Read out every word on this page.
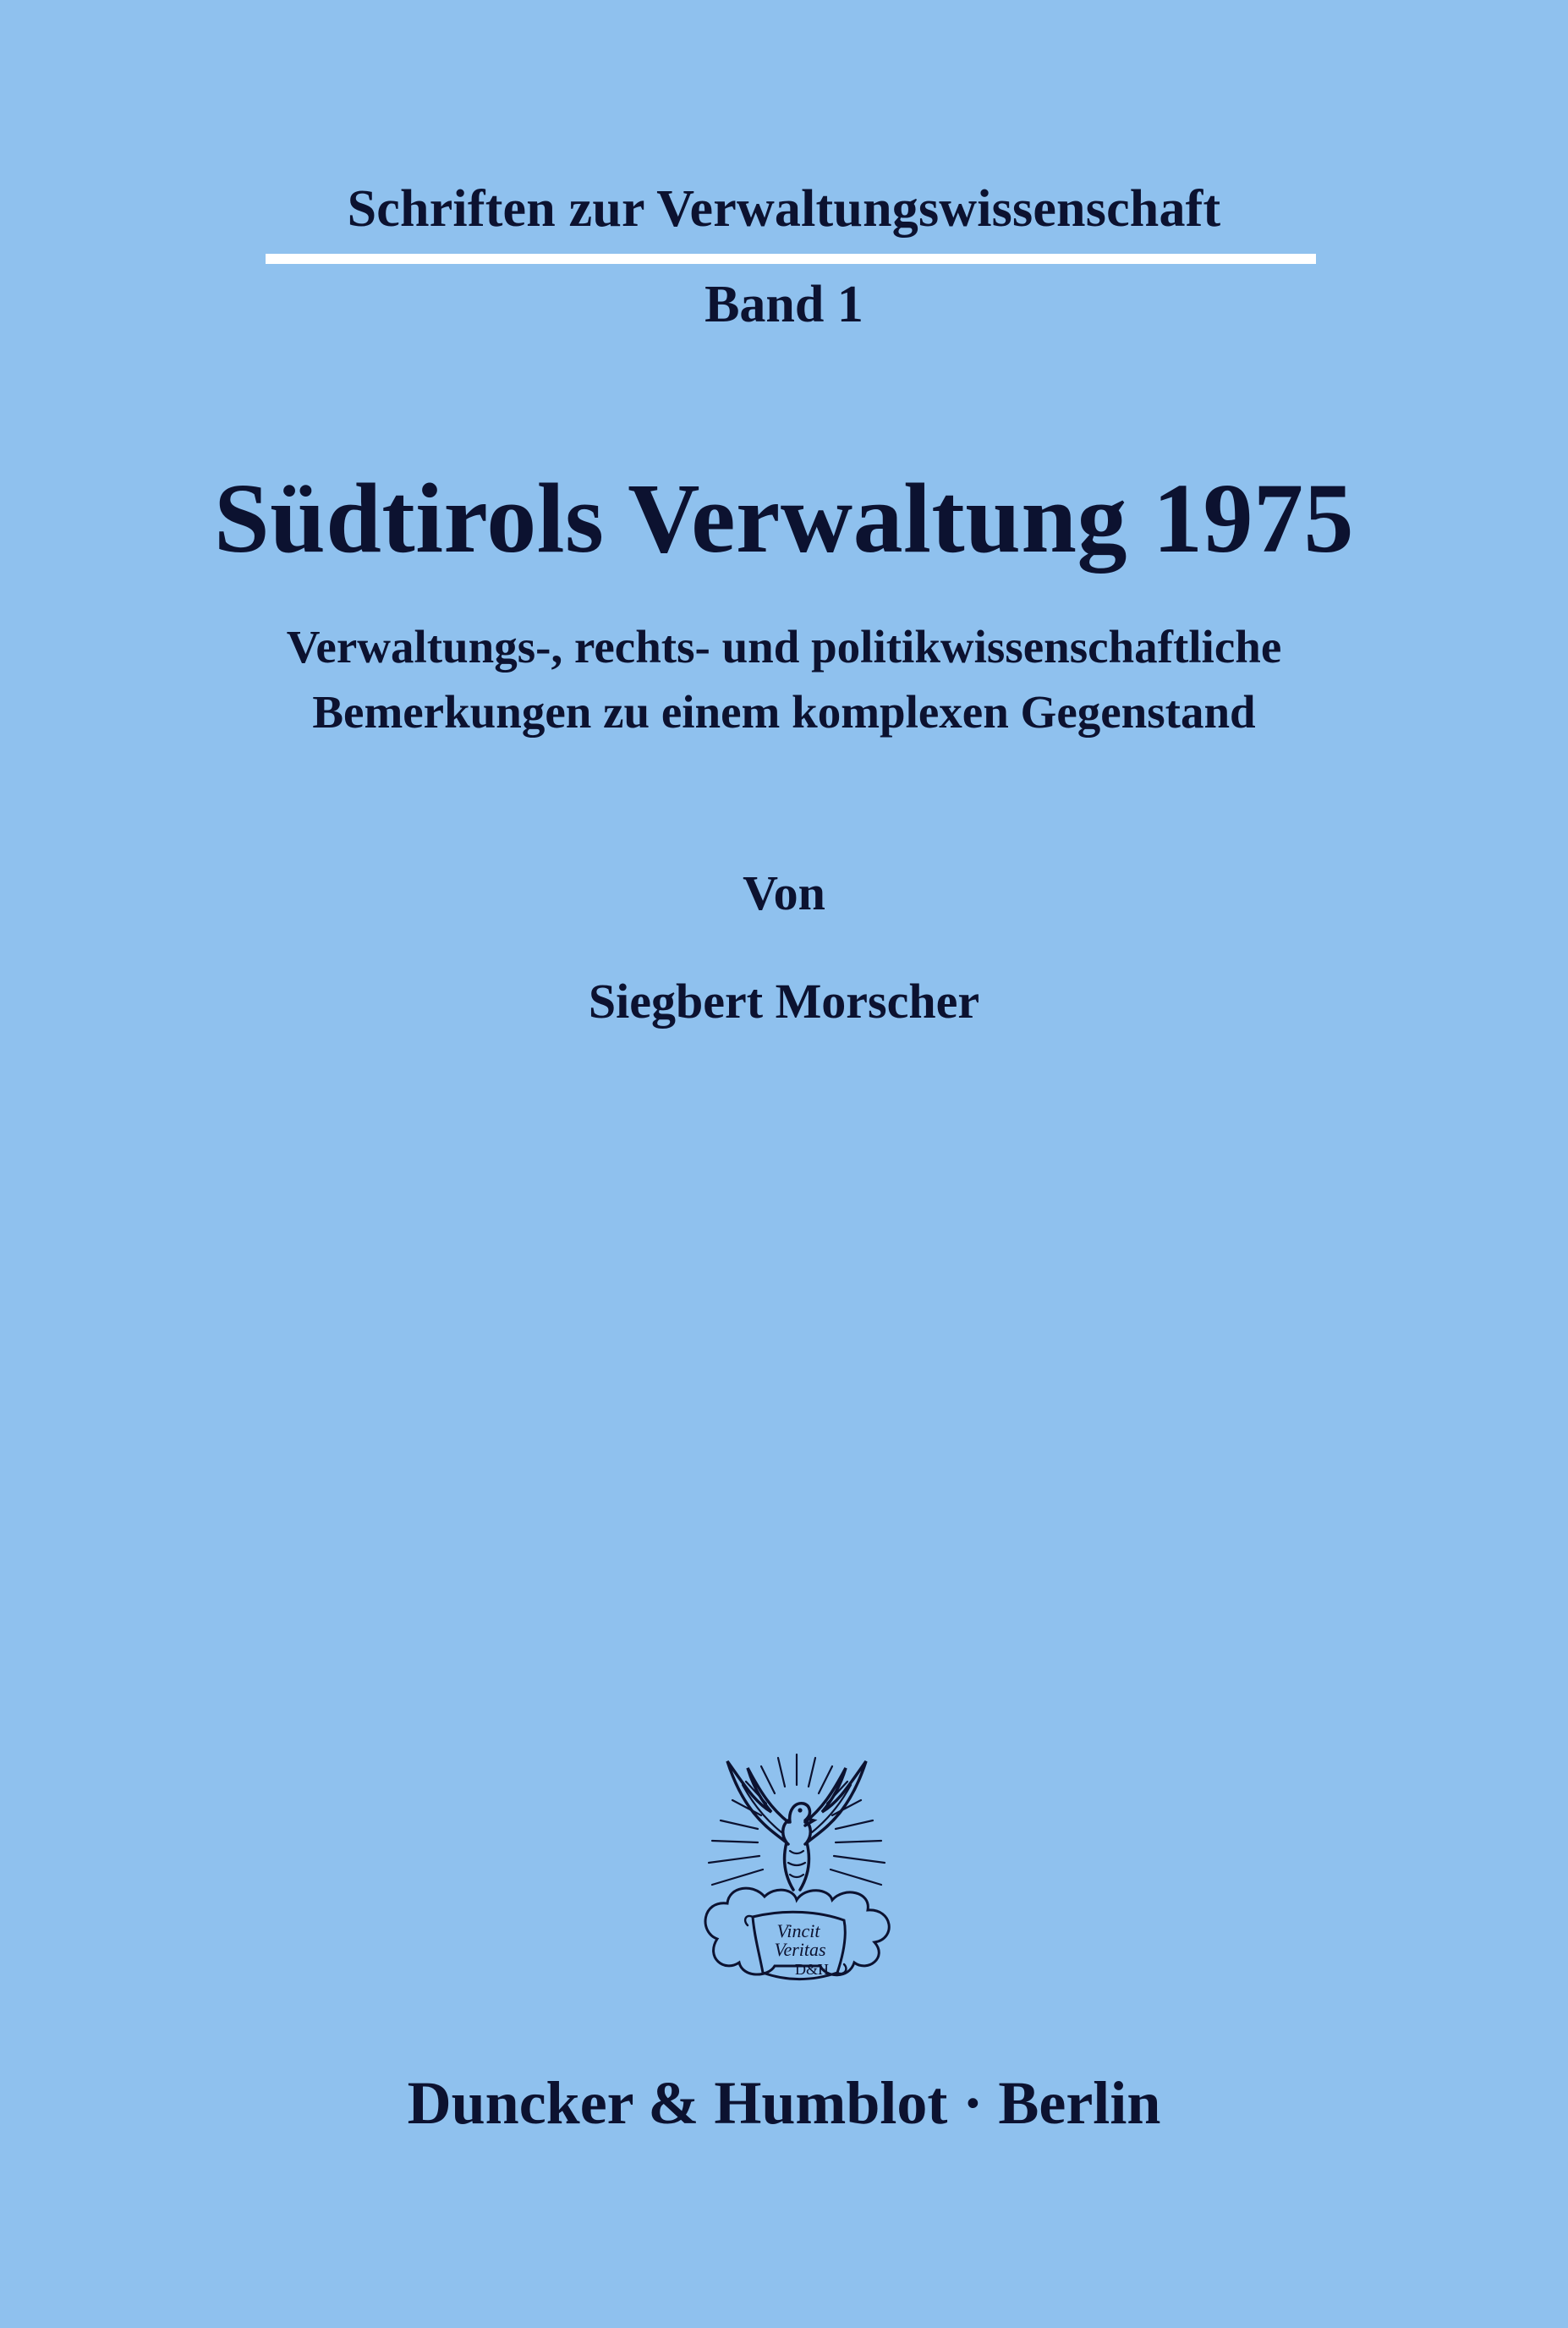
Schriften zur Verwaltungswissenschaft
Band 1
Südtirols Verwaltung 1975
Verwaltungs-, rechts- und politikwissenschaftliche
Bemerkungen zu einem komplexen Gegenstand
Von
Siegbert Morscher
Vincit
Veritas
D&H
Duncker & Humblot · Berlin
